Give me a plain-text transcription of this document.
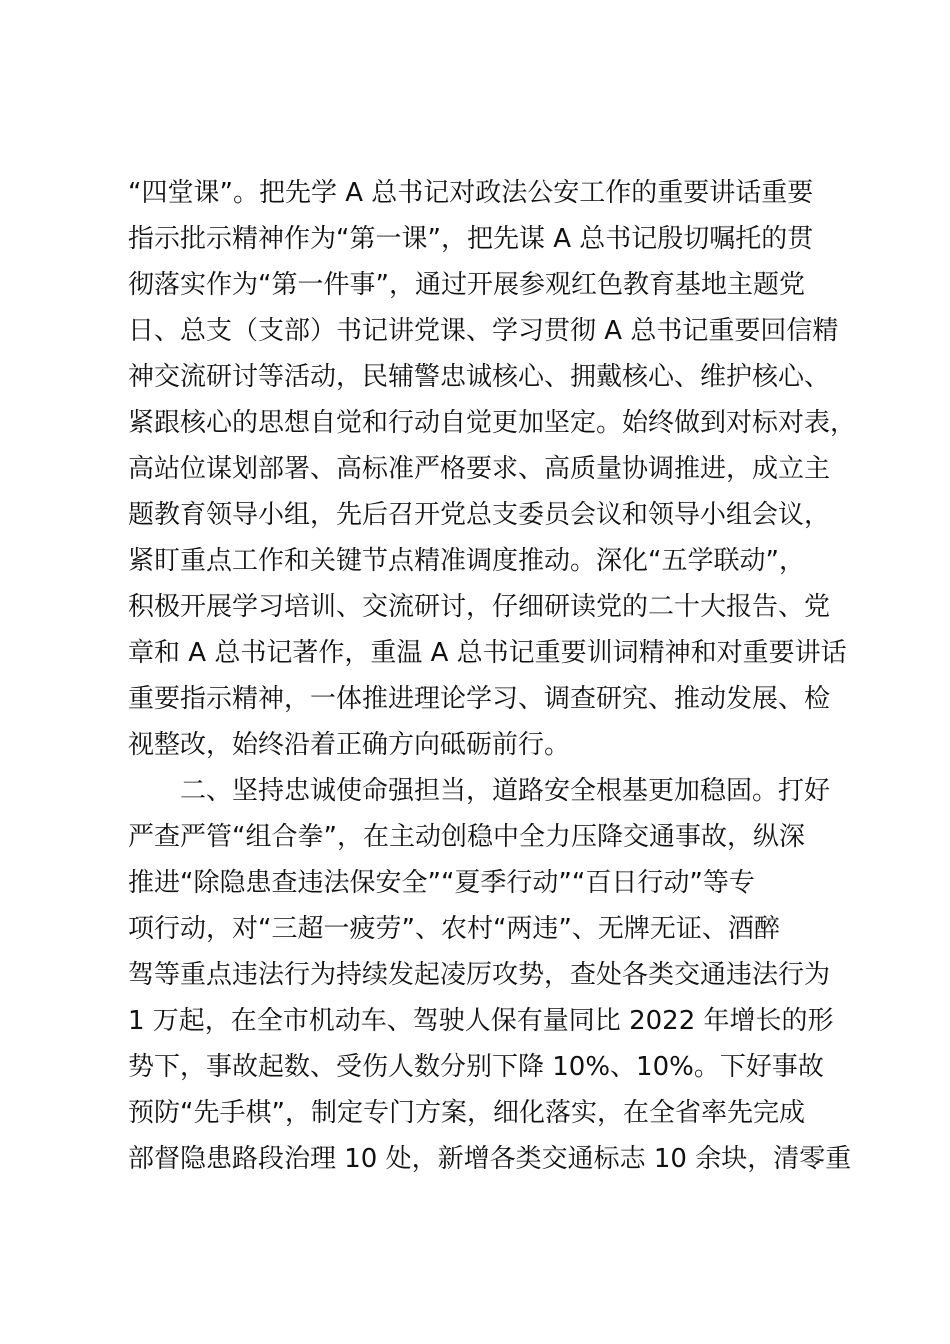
“四堂课”。把先学 A 总书记对政法公安工作的重要讲话重要
指示批示精神作为“第一课”，把先谋 A 总书记殷切嘱托的贯
彻落实作为“第一件事”，通过开展参观红色教育基地主题党
日、总支（支部）书记讲党课、学习贯彻 A 总书记重要回信精
神交流研讨等活动，民辅警忠诚核心、拥戴核心、维护核心、
紧跟核心的思想自觉和行动自觉更加坚定。始终做到对标对表，
高站位谋划部署、高标准严格要求、高质量协调推进，成立主
题教育领导小组，先后召开党总支委员会议和领导小组会议，
紧盯重点工作和关键节点精准调度推动。深化“五学联动”，
积极开展学习培训、交流研讨，仔细研读党的二十大报告、党
章和 A 总书记著作，重温 A 总书记重要训词精神和对重要讲话
重要指示精神，一体推进理论学习、调查研究、推动发展、检
视整改，始终沿着正确方向砥砺前行。
　　二、坚持忠诚使命强担当，道路安全根基更加稳固。打好
严查严管“组合拳”，在主动创稳中全力压降交通事故，纵深
推进“除隐患查违法保安全”“夏季行动”“百日行动”等专
项行动，对“三超一疲劳”、农村“两违”、无牌无证、酒醉
驾等重点违法行为持续发起凌厉攻势，查处各类交通违法行为
1 万起，在全市机动车、驾驶人保有量同比 2022 年增长的形
势下，事故起数、受伤人数分别下降 10%、10%。下好事故
预防“先手棋”，制定专门方案，细化落实，在全省率先完成
部督隐患路段治理 10 处，新增各类交通标志 10 余块，清零重
